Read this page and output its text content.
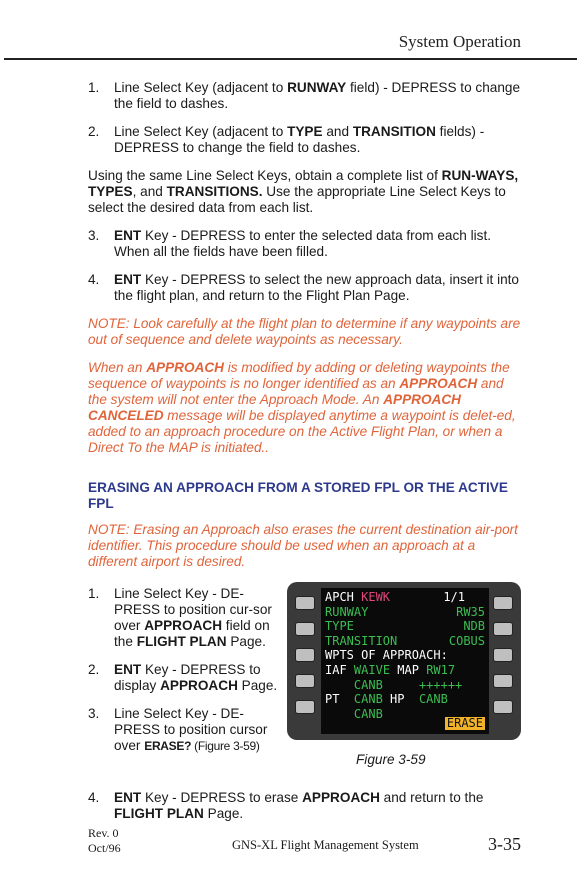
System Operation
1. Line Select Key (adjacent to RUNWAY field) - DEPRESS to change the field to dashes.
2. Line Select Key (adjacent to TYPE and TRANSITION fields) - DEPRESS to change the field to dashes.

Using the same Line Select Keys, obtain a complete list of RUN-WAYS, TYPES, and TRANSITIONS. Use the appropriate Line Select Keys to select the desired data from each list.

3. ENT Key - DEPRESS to enter the selected data from each list. When all the fields have been filled.
4. ENT Key - DEPRESS to select the new approach data, insert it into the flight plan, and return to the Flight Plan Page.

NOTE: Look carefully at the flight plan to determine if any waypoints are out of sequence and delete waypoints as necessary.

When an APPROACH is modified by adding or deleting waypoints the sequence of waypoints is no longer identified as an APPROACH and the system will not enter the Approach Mode. An APPROACH CANCELED message will be displayed anytime a waypoint is delet-ed, added to an approach procedure on the Active Flight Plan, or when a Direct To the MAP is initiated..

ERASING AN APPROACH FROM A STORED FPL OR THE ACTIVE FPL

NOTE: Erasing an Approach also erases the current destination air-port identifier. This procedure should be used when an approach at a different airport is desired.

1. Line Select Key - DE-PRESS to position cur-sor over APPROACH field on the FLIGHT PLAN Page.
2. ENT Key - DEPRESS to display APPROACH Page.
3. Line Select Key - DE-PRESS to position cursor over ERASE? (Figure 3-59)
APCH KEWK	1/1
RUNWAY	RW35
TYPE	NDB
TRANSITION	COBUS
WPTS OF APPROACH:
IAF WAIVE MAP RW17
CANB	++++++
PT CANB HP CANB
CANB
ERASE
Figure 3-59
4. ENT Key - DEPRESS to erase APPROACH and return to the FLIGHT PLAN Page.
Rev. 0
Oct/96	GNS-XL Flight Management System	3-35
